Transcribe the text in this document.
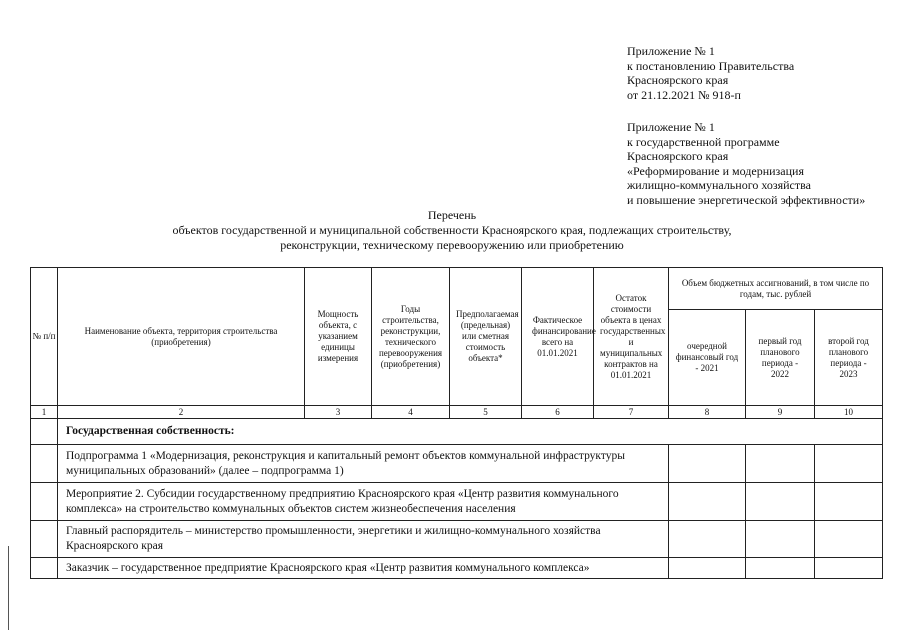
Приложение № 1
к постановлению Правительства
Красноярского края
от 21.12.2021 № 918-п
Приложение № 1
к государственной программе
Красноярского края
«Реформирование и модернизация
жилищно-коммунального хозяйства
и повышение энергетической эффективности»
Перечень
объектов государственной и муниципальной собственности Красноярского края, подлежащих строительству,
реконструкции, техническому перевооружению или приобретению
№ п/п	Наименование объекта, территория строительства (приобретения)	Мощность объекта, с указанием единицы измерения	Годы строительства, реконструкции, технического перевооружения (приобретения)	Предполагаемая (предельная) или сметная стоимость объекта*	Фактическое финансирование всего на 01.01.2021	Остаток стоимости объекта в ценах государственных и муниципальных контрактов на 01.01.2021	Объем бюджетных ассигнований, в том числе по годам, тыс. рублей		
							очередной финансовый год - 2021	первый год планового периода - 2022	второй год планового периода - 2023
1	2	3	4	5	6	7	8	9	10
	Государственная собственность:								
	Подпрограмма 1 «Модернизация, реконструкция и капитальный ремонт объектов коммунальной инфраструктуры муниципальных образований» (далее – подпрограмма 1)								
	Мероприятие 2. Субсидии государственному предприятию Красноярского края «Центр развития коммунального комплекса» на строительство коммунальных объектов систем жизнеобеспечения населения								
	Главный распорядитель – министерство промышленности, энергетики и жилищно-коммунального хозяйства Красноярского края								
	Заказчик – государственное предприятие Красноярского края «Центр развития коммунального комплекса»								
